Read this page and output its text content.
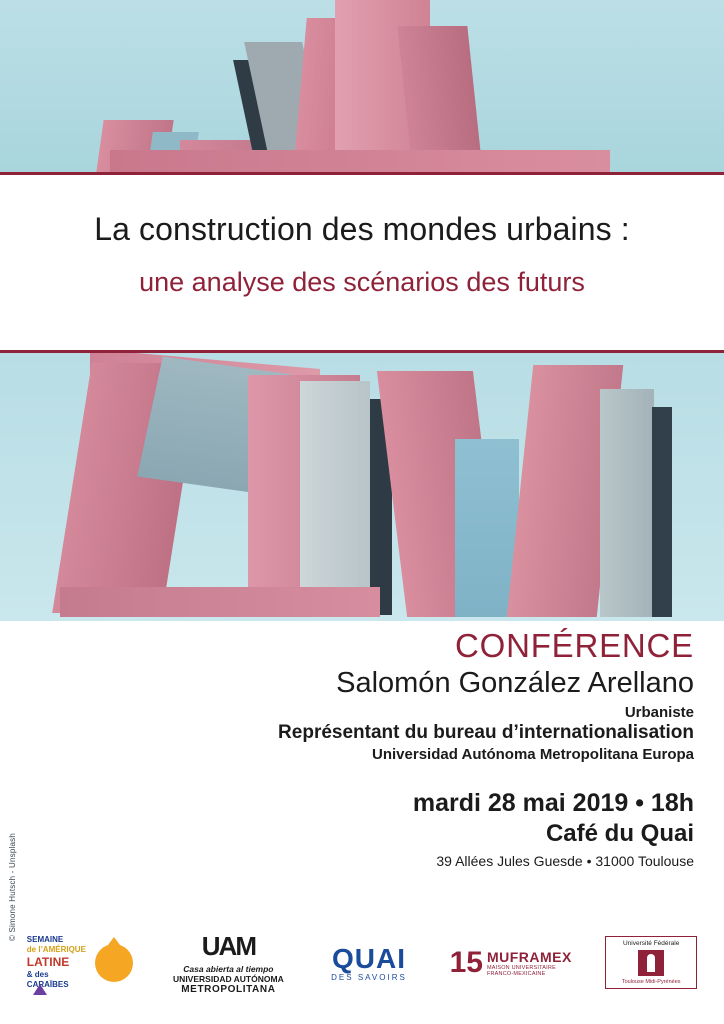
La construction des mondes urbains :
une analyse des scénarios des futurs
© Simone Hutsch - Unsplash
CONFÉRENCE
Salomón González Arellano
Urbaniste
Représentant du bureau d’internationalisation
Universidad Autónoma Metropolitana Europa
mardi 28 mai 2019 • 18h
Café du Quai
39 Allées Jules Guesde • 31000 Toulouse
SEMAINE
de l’AMÉRIQUE
LATINE
& des CARAÏBES
UAM
Casa abierta al tiempo
UNIVERSIDAD AUTÓNOMA
METROPOLITANA
QUAI
DES SAVOIRS	15 MUFRAMEX
MAISON UNIVERSITAIRE FRANCO-MEXICAINE
Université Fédérale
Toulouse Midi-Pyrénées
